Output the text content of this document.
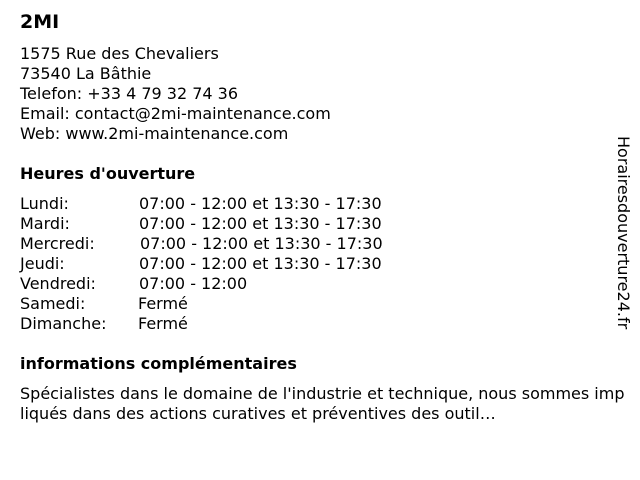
2MI
1575 Rue des Chevaliers
73540 La Bâthie
Telefon: +33 4 79 32 74 36
Email: contact@2mi-maintenance.com
Web: www.2mi-maintenance.com
Heures d'ouverture
Lundi:	07:00 - 12:00 et 13:30 - 17:30
Mardi:	07:00 - 12:00 et 13:30 - 17:30
Mercredi:	07:00 - 12:00 et 13:30 - 17:30
Jeudi:	07:00 - 12:00 et 13:30 - 17:30
Vendredi:	07:00 - 12:00
Samedi:	Fermé
Dimanche: Fermé
informations complémentaires
Spécialistes dans le domaine de l'industrie et technique, nous sommes impliqués dans des actions curatives et préventives des outil…
Horairesdouverture24.fr
